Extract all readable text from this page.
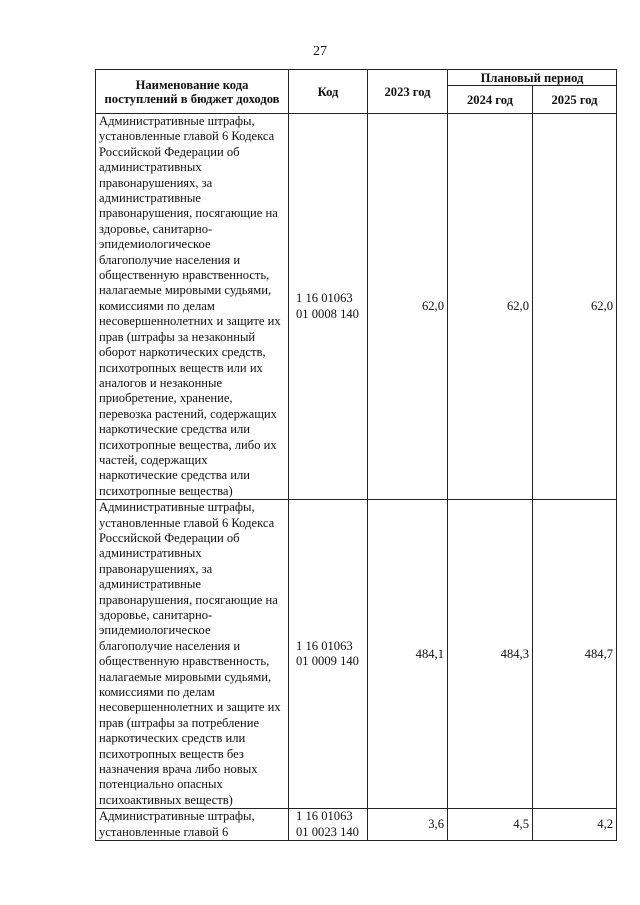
27
Наименование кода поступлений в бюджет доходов	Код	2023 год	Плановый период	
			2024 год	2025 год
Административные штрафы, установленные главой 6 Кодекса Российской Федерации об административных правонарушениях, за административные правонарушения, посягающие на здоровье, санитарно-эпидемиологическое благополучие населения и общественную нравственность, налагаемые мировыми судьями, комиссиями по делам несовершеннолетних и защите их прав (штрафы за незаконный оборот наркотических средств, психотропных веществ или их аналогов и незаконные приобретение, хранение, перевозка растений, содержащих наркотические средства или психотропные вещества, либо их частей, содержащих наркотические средства или психотропные вещества)	1 16 01063 01 0008 140	62,0	62,0	62,0
Административные штрафы, установленные главой 6 Кодекса Российской Федерации об административных правонарушениях, за административные правонарушения, посягающие на здоровье, санитарно-эпидемиологическое благополучие населения и общественную нравственность, налагаемые мировыми судьями, комиссиями по делам несовершеннолетних и защите их прав (штрафы за потребление наркотических средств или психотропных веществ без назначения врача либо новых потенциально опасных психоактивных веществ)	1 16 01063 01 0009 140	484,1	484,3	484,7
Административные штрафы, установленные главой 6	1 16 01063 01 0023 140	3,6	4,5	4,2
